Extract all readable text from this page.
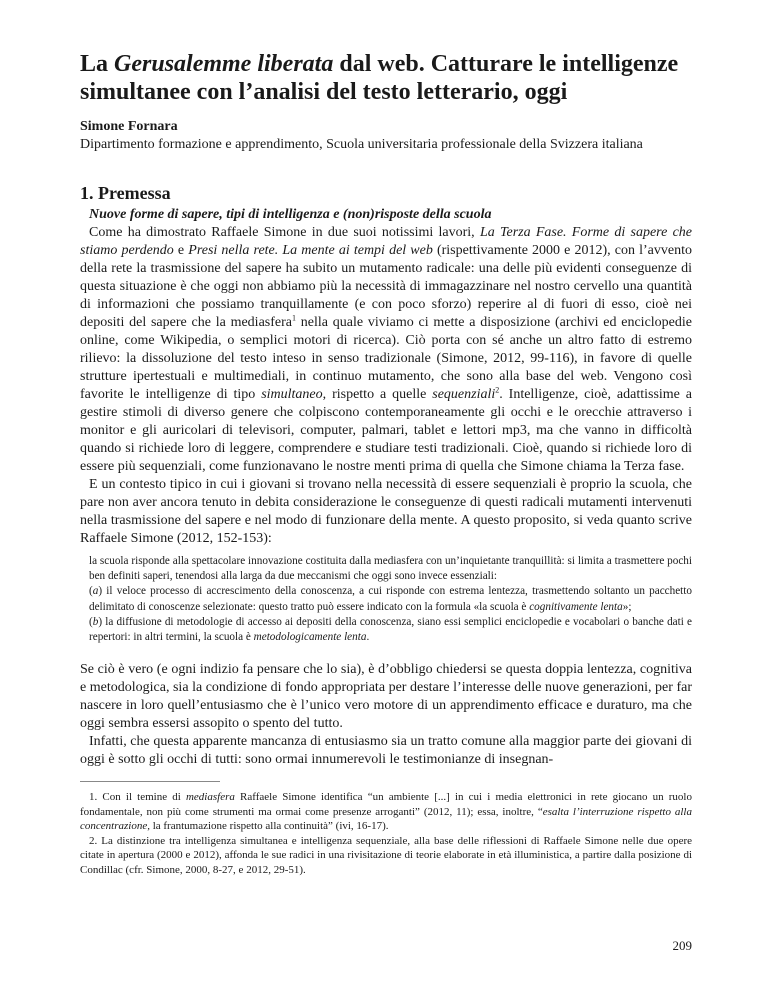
La Gerusalemme liberata dal web. Catturare le intelligenze simultanee con l’analisi del testo letterario, oggi

Simone Fornara

Dipartimento formazione e apprendimento, Scuola universitaria professionale della Svizzera italiana

1. Premessa

Nuove forme di sapere, tipi di intelligenza e (non)risposte della scuola

Come ha dimostrato Raffaele Simone in due suoi notissimi lavori, La Terza Fase. Forme di sapere che stiamo perdendo e Presi nella rete. La mente ai tempi del web (rispettivamente 2000 e 2012), con l’avvento della rete la trasmissione del sapere ha subito un mutamento radicale: una delle più evidenti conseguenze di questa situazione è che oggi non abbiamo più la necessità di immagazzinare nel nostro cervello una quantità di informazioni che possiamo tranquillamente (e con poco sforzo) reperire al di fuori di esso, cioè nei depositi del sapere che la mediasfera$^1$ nella quale viviamo ci mette a disposizione (archivi ed enciclopedie online, come Wikipedia, o semplici motori di ricerca). Ciò porta con sé anche un altro fatto di estremo rilievo: la dissoluzione del testo inteso in senso tradizionale (Simone, 2012, 99-116), in favore di quelle strutture ipertestuali e multimediali, in continuo mutamento, che sono alla base del web. Vengono così favorite le intelligenze di tipo simultaneo, rispetto a quelle sequenziali$^2$. Intelligenze, cioè, adattissime a gestire stimoli di diverso genere che colpiscono contemporaneamente gli occhi e le orecchie attraverso i monitor e gli auricolari di televisori, computer, palmari, tablet e lettori mp3, ma che vanno in difficoltà quando si richiede loro di leggere, comprendere e studiare testi tradizionali. Cioè, quando si richiede loro di essere più sequenziali, come funzionavano le nostre menti prima di quella che Simone chiama la Terza fase.

E un contesto tipico in cui i giovani si trovano nella necessità di essere sequenziali è proprio la scuola, che pare non aver ancora tenuto in debita considerazione le conseguenze di questi radicali mutamenti intervenuti nella trasmissione del sapere e nel modo di funzionare della mente. A questo proposito, si veda quanto scrive Raffaele Simone (2012, 152-153):

la scuola risponde alla spettacolare innovazione costituita dalla mediasfera con un’inquietante tranquillità: si limita a trasmettere pochi ben definiti saperi, tenendosi alla larga da due meccanismi che oggi sono invece essenziali:

(a) il veloce processo di accrescimento della conoscenza, a cui risponde con estrema lentezza, trasmettendo soltanto un pacchetto delimitato di conoscenze selezionate: questo tratto può essere indicato con la formula «la scuola è cognitivamente lenta»;

(b) la diffusione di metodologie di accesso ai depositi della conoscenza, siano essi semplici enciclopedie e vocabolari o banche dati e repertori: in altri termini, la scuola è metodologicamente lenta.

Se ciò è vero (e ogni indizio fa pensare che lo sia), è d’obbligo chiedersi se questa doppia lentezza, cognitiva e metodologica, sia la condizione di fondo appropriata per destare l’interesse delle nuove generazioni, per far nascere in loro quell’entusiasmo che è l’unico vero motore di un apprendimento efficace e duraturo, ma che oggi sembra essersi assopito o spento del tutto.

Infatti, che questa apparente mancanza di entusiasmo sia un tratto comune alla maggior parte dei giovani di oggi è sotto gli occhi di tutti: sono ormai innumerevoli le testimonianze di insegnan-

1. Con il temine di mediasfera Raffaele Simone identifica “un ambiente [...] in cui i media elettronici in rete giocano un ruolo fondamentale, non più come strumenti ma ormai come presenze arroganti” (2012, 11); essa, inoltre, “esalta l’interruzione rispetto alla concentrazione, la frantumazione rispetto alla continuità” (ivi, 16-17).

2. La distinzione tra intelligenza simultanea e intelligenza sequenziale, alla base delle riflessioni di Raffaele Simone nelle due opere citate in apertura (2000 e 2012), affonda le sue radici in una rivisitazione di teorie elaborate in età illuministica, a partire dalla posizione di Condillac (cfr. Simone, 2000, 8-27, e 2012, 29-51).

209
